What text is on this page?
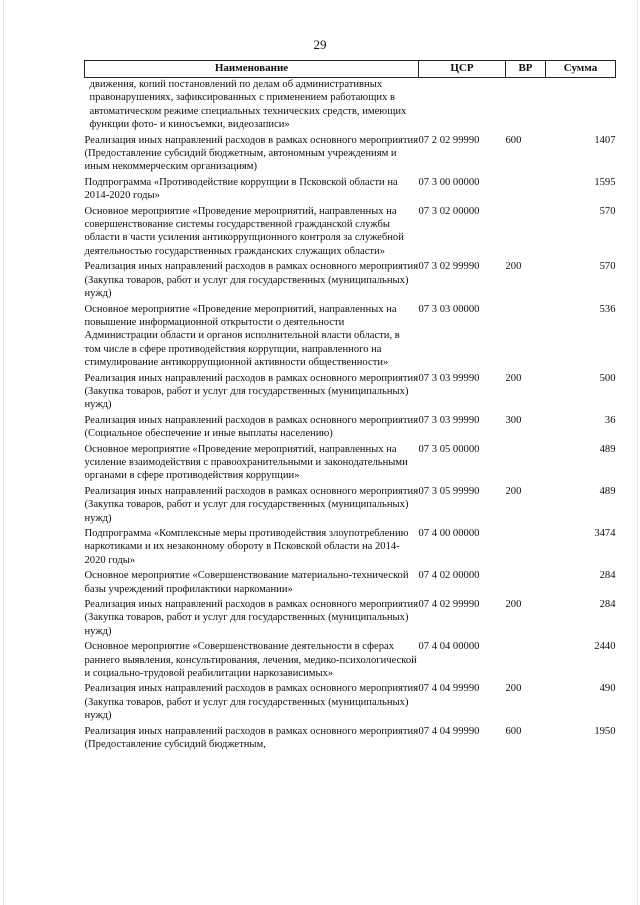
29
Наименование	ЦСР	ВР	Сумма
движения, копий постановлений по делам об административных правонарушениях, зафиксированных с применением работающих в автоматическом режиме специальных технических средств, имеющих функции фото- и киносъемки, видеозаписи»			
Реализация иных направлений расходов в рамках основного мероприятия (Предоставление субсидий бюджетным, автономным учреждениям и иным некоммерческим организациям)	07 2 02 99990	600	1407
Подпрограмма «Противодействие коррупции в Псковской области на 2014-2020 годы»	07 3 00 00000		1595
Основное мероприятие «Проведение мероприятий, направленных на совершенствование системы государственной гражданской службы области в части усиления антикоррупционного контроля за служебной деятельностью государственных гражданских служащих области»	07 3 02 00000		570
Реализация иных направлений расходов в рамках основного мероприятия (Закупка товаров, работ и услуг для государственных (муниципальных) нужд)	07 3 02 99990	200	570
Основное мероприятие «Проведение мероприятий, направленных на повышение информационной открытости о деятельности Администрации области и органов исполнительной власти области, в том числе в сфере противодействия коррупции, направленного на стимулирование антикоррупционной активности общественности»	07 3 03 00000		536
Реализация иных направлений расходов в рамках основного мероприятия (Закупка товаров, работ и услуг для государственных (муниципальных) нужд)	07 3 03 99990	200	500
Реализация иных направлений расходов в рамках основного мероприятия (Социальное обеспечение и иные выплаты населению)	07 3 03 99990	300	36
Основное мероприятие «Проведение мероприятий, направленных на усиление взаимодействия с правоохранительными и законодательными органами в сфере противодействия коррупции»	07 3 05 00000		489
Реализация иных направлений расходов в рамках основного мероприятия (Закупка товаров, работ и услуг для государственных (муниципальных) нужд)	07 3 05 99990	200	489
Подпрограмма «Комплексные меры противодействия злоупотреблению наркотиками и их незаконному обороту в Псковской области на 2014-2020 годы»	07 4 00 00000		3474
Основное мероприятие «Совершенствование материально-технической базы учреждений профилактики наркомании»	07 4 02 00000		284
Реализация иных направлений расходов в рамках основного мероприятия (Закупка товаров, работ и услуг для государственных (муниципальных) нужд)	07 4 02 99990	200	284
Основное мероприятие «Совершенствование деятельности в сферах раннего выявления, консультирования, лечения, медико-психологической и социально-трудовой реабилитации наркозависимых»	07 4 04 00000		2440
Реализация иных направлений расходов в рамках основного мероприятия (Закупка товаров, работ и услуг для государственных (муниципальных) нужд)	07 4 04 99990	200	490
Реализация иных направлений расходов в рамках основного мероприятия (Предоставление субсидий бюджетным,	07 4 04 99990	600	1950
